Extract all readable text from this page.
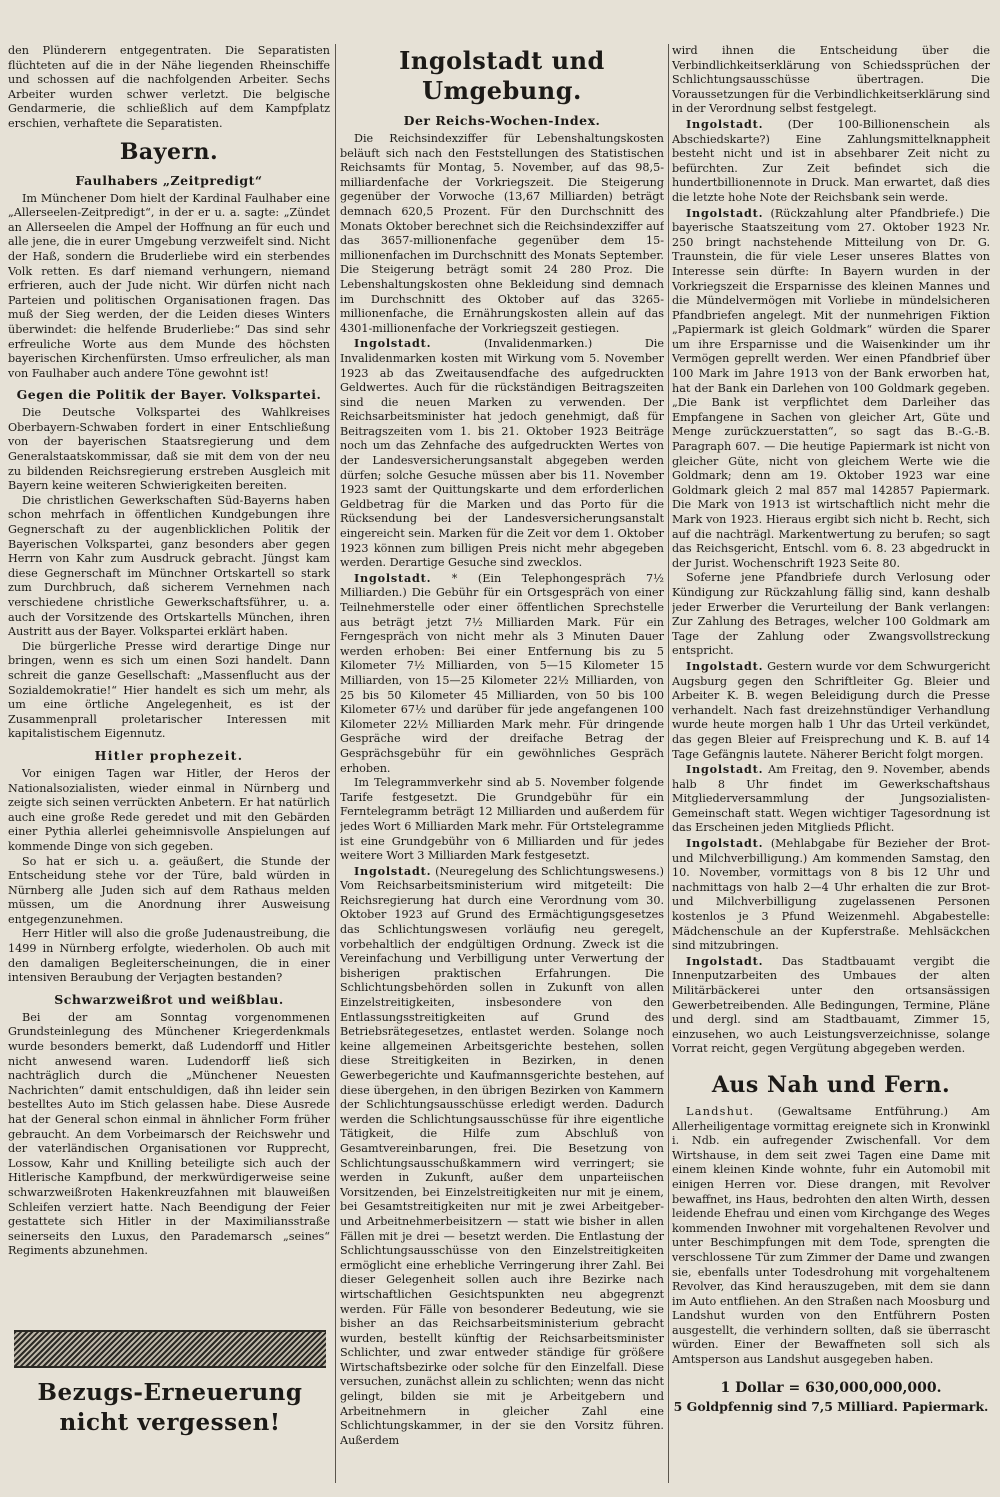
den Plünderern entgegentraten. Die Separatisten flüchteten auf die in der Nähe liegenden Rheinschiffe und schossen auf die nachfolgenden Arbeiter. Sechs Arbeiter wurden schwer verletzt. Die belgische Gendarmerie, die schließlich auf dem Kampfplatz erschien, verhaftete die Separatisten.

Bayern.
Faulhabers „Zeitpredigt“

Im Münchener Dom hielt der Kardinal Faulhaber eine „Allerseelen-Zeitpredigt“, in der er u. a. sagte: „Zündet an Allerseelen die Ampel der Hoffnung an für euch und alle jene, die in eurer Umgebung verzweifelt sind. Nicht der Haß, sondern die Bruderliebe wird ein sterbendes Volk retten. Es darf niemand verhungern, niemand erfrieren, auch der Jude nicht. Wir dürfen nicht nach Parteien und politischen Organisationen fragen. Das muß der Sieg werden, der die Leiden dieses Winters überwindet: die helfende Bruderliebe:“ Das sind sehr erfreuliche Worte aus dem Munde des höchsten bayerischen Kirchenfürsten. Umso erfreulicher, als man von Faulhaber auch andere Töne gewohnt ist!

Gegen die Politik der Bayer. Volkspartei.

Die Deutsche Volkspartei des Wahlkreises Oberbayern-Schwaben fordert in einer Entschließung von der bayerischen Staatsregierung und dem Generalstaatskommissar, daß sie mit dem von der neu zu bildenden Reichsregierung erstreben Ausgleich mit Bayern keine weiteren Schwierigkeiten bereiten.

Die christlichen Gewerkschaften Süd-Bayerns haben schon mehrfach in öffentlichen Kundgebungen ihre Gegnerschaft zu der augenblicklichen Politik der Bayerischen Volkspartei, ganz besonders aber gegen Herrn von Kahr zum Ausdruck gebracht. Jüngst kam diese Gegnerschaft im Münchner Ortskartell so stark zum Durchbruch, daß sicherem Vernehmen nach verschiedene christliche Gewerkschaftsführer, u. a. auch der Vorsitzende des Ortskartells München, ihren Austritt aus der Bayer. Volkspartei erklärt haben.

Die bürgerliche Presse wird derartige Dinge nur bringen, wenn es sich um einen Sozi handelt. Dann schreit die ganze Gesellschaft: „Massenflucht aus der Sozialdemokratie!“ Hier handelt es sich um mehr, als um eine örtliche Angelegenheit, es ist der Zusammenprall proletarischer Interessen mit kapitalistischem Eigennutz.

Hitler prophezeit.

Vor einigen Tagen war Hitler, der Heros der Nationalsozialisten, wieder einmal in Nürnberg und zeigte sich seinen verrückten Anbetern. Er hat natürlich auch eine große Rede geredet und mit den Gebärden einer Pythia allerlei geheimnisvolle Anspielungen auf kommende Dinge von sich gegeben.

So hat er sich u. a. geäußert, die Stunde der Entscheidung stehe vor der Türe, bald würden in Nürnberg alle Juden sich auf dem Rathaus melden müssen, um die Anordnung ihrer Ausweisung entgegenzunehmen.

Herr Hitler will also die große Judenaustreibung, die 1499 in Nürnberg erfolgte, wiederholen. Ob auch mit den damaligen Begleiterscheinungen, die in einer intensiven Beraubung der Verjagten bestanden?

Schwarzweißrot und weißblau.

Bei der am Sonntag vorgenommenen Grundsteinlegung des Münchener Kriegerdenkmals wurde besonders bemerkt, daß Ludendorff und Hitler nicht anwesend waren. Ludendorff ließ sich nachträglich durch die „Münchener Neuesten Nachrichten“ damit entschuldigen, daß ihn leider sein bestelltes Auto im Stich gelassen habe. Diese Ausrede hat der General schon einmal in ähnlicher Form früher gebraucht. An dem Vorbeimarsch der Reichswehr und der vaterländischen Organisationen vor Rupprecht, Lossow, Kahr und Knilling beteiligte sich auch der Hitlerische Kampfbund, der merkwürdigerweise seine schwarzweißroten Hakenkreuzfahnen mit blauweißen Schleifen verziert hatte. Nach Beendigung der Feier gestattete sich Hitler in der Maximiliansstraße seinerseits den Luxus, den Parademarsch „seines“ Regiments abzunehmen.

Bezugs-Erneuerung
nicht vergessen!
Ingolstadt und Umgebung.
Der Reichs-Wochen-Index.

Die Reichsindexziffer für Lebenshaltungskosten beläuft sich nach den Feststellungen des Statistischen Reichsamts für Montag, 5. November, auf das 98,5-milliardenfache der Vorkriegszeit. Die Steigerung gegenüber der Vorwoche (13,67 Milliarden) beträgt demnach 620,5 Prozent. Für den Durchschnitt des Monats Oktober berechnet sich die Reichsindexziffer auf das 3657-millionenfache gegenüber dem 15-millionenfachen im Durchschnitt des Monats September. Die Steigerung beträgt somit 24 280 Proz. Die Lebenshaltungskosten ohne Bekleidung sind demnach im Durchschnitt des Oktober auf das 3265-millionenfache, die Ernährungskosten allein auf das 4301-millionenfache der Vorkriegszeit gestiegen.

Ingolstadt.	(Invalidenmarken.) Die Invalidenmarken kosten mit Wirkung vom 5. November 1923 ab das Zweitausendfache des aufgedruckten Geldwertes. Auch für die rückständigen Beitragszeiten sind die neuen Marken zu verwenden. Der Reichsarbeitsminister hat jedoch genehmigt, daß für Beitragszeiten vom 1. bis 21. Oktober 1923 Beiträge noch um das Zehnfache des aufgedruckten Wertes von der Landesversicherungsanstalt abgegeben werden dürfen; solche Gesuche müssen aber bis 11. November 1923 samt der Quittungskarte und dem erforderlichen Geldbetrag für die Marken und das Porto für die Rücksendung bei der Landesversicherungsanstalt eingereicht sein. Marken für die Zeit vor dem 1. Oktober 1923 können zum billigen Preis nicht mehr abgegeben werden. Derartige Gesuche sind zwecklos.

Ingolstadt. * (Ein Telephongespräch 7½ Milliarden.) Die Gebühr für ein Ortsgespräch von einer Teilnehmerstelle oder einer öffentlichen Sprechstelle aus beträgt jetzt 7½ Milliarden Mark. Für ein Ferngespräch von nicht mehr als 3 Minuten Dauer werden erhoben: Bei einer Entfernung bis zu 5 Kilometer 7½ Milliarden, von 5—15 Kilometer 15 Milliarden, von 15—25 Kilometer 22½ Milliarden, von 25 bis 50 Kilometer 45 Milliarden, von 50 bis 100 Kilometer 67½ und darüber für jede angefangenen 100 Kilometer 22½ Milliarden Mark mehr. Für dringende Gespräche wird der dreifache Betrag der Gesprächsgebühr für ein gewöhnliches Gespräch erhoben.

Im Telegrammverkehr sind ab 5. November folgende Tarife festgesetzt. Die Grundgebühr für ein Ferntelegramm beträgt 12 Milliarden und außerdem für jedes Wort 6 Milliarden Mark mehr. Für Ortstelegramme ist eine Grundgebühr von 6 Milliarden und für jedes weitere Wort 3 Milliarden Mark festgesetzt.

Ingolstadt. (Neuregelung des Schlichtungswesens.) Vom Reichsarbeitsministerium wird mitgeteilt: Die Reichsregierung hat durch eine Verordnung vom 30. Oktober 1923 auf Grund des Ermächtigungsgesetzes das Schlichtungswesen vorläufig neu geregelt, vorbehaltlich der endgültigen Ordnung. Zweck ist die Vereinfachung und Verbilligung unter Verwertung der bisherigen praktischen Erfahrungen. Die Schlichtungsbehörden sollen in Zukunft von allen Einzelstreitigkeiten, insbesondere von den Entlassungsstreitigkeiten auf Grund des Betriebsrätegesetzes, entlastet werden. Solange noch keine allgemeinen Arbeitsgerichte bestehen, sollen diese Streitigkeiten in Bezirken, in denen Gewerbegerichte und Kaufmannsgerichte bestehen, auf diese übergehen, in den übrigen Bezirken von Kammern der Schlichtungsausschüsse erledigt werden. Dadurch werden die Schlichtungsausschüsse für ihre eigentliche Tätigkeit, die Hilfe zum Abschluß von Gesamtvereinbarungen, frei. Die Besetzung von Schlichtungsausschußkammern wird verringert; sie werden in Zukunft, außer dem unparteiischen Vorsitzenden, bei Einzelstreitigkeiten nur mit je einem, bei Gesamtstreitigkeiten nur mit je zwei Arbeitgeber- und Arbeitnehmerbeisitzern — statt wie bisher in allen Fällen mit je drei — besetzt werden. Die Entlastung der Schlichtungsausschüsse von den Einzelstreitigkeiten ermöglicht eine erhebliche Verringerung ihrer Zahl. Bei dieser Gelegenheit sollen auch ihre Bezirke nach wirtschaftlichen Gesichtspunkten neu abgegrenzt werden. Für Fälle von besonderer Bedeutung, wie sie bisher an das Reichsarbeitsministerium gebracht wurden, bestellt künftig der Reichsarbeitsminister Schlichter, und zwar entweder ständige für größere Wirtschaftsbezirke oder solche für den Einzelfall. Diese versuchen, zunächst allein zu schlichten; wenn das nicht gelingt, bilden sie mit je Arbeitgebern und Arbeitnehmern in gleicher Zahl eine Schlichtungskammer, in der sie den Vorsitz führen. Außerdem

wird ihnen die Entscheidung über die Verbindlichkeitserklärung von Schiedssprüchen der Schlichtungsausschüsse übertragen. Die Voraussetzungen für die Verbindlichkeitserklärung sind in der Verordnung selbst festgelegt.

Ingolstadt. (Der 100-Billionenschein als Abschiedskarte?) Eine Zahlungsmittelknappheit besteht nicht und ist in absehbarer Zeit nicht zu befürchten. Zur Zeit befindet sich die hundertbillionennote in Druck. Man erwartet, daß dies die letzte hohe Note der Reichsbank sein werde.

Ingolstadt. (Rückzahlung alter Pfandbriefe.) Die bayerische Staatszeitung vom 27. Oktober 1923 Nr. 250 bringt nachstehende Mitteilung von Dr. G. Traunstein, die für viele Leser unseres Blattes von Interesse sein dürfte: In Bayern wurden in der Vorkriegszeit die Ersparnisse des kleinen Mannes und die Mündelvermögen mit Vorliebe in mündelsicheren Pfandbriefen angelegt. Mit der nunmehrigen Fiktion „Papiermark ist gleich Goldmark“ würden die Sparer um ihre Ersparnisse und die Waisenkinder um ihr Vermögen geprellt werden. Wer einen Pfandbrief über 100 Mark im Jahre 1913 von der Bank erworben hat, hat der Bank ein Darlehen von 100 Goldmark gegeben. „Die Bank ist verpflichtet dem Darleiher das Empfangene in Sachen von gleicher Art, Güte und Menge zurückzuerstatten“, so sagt das B.-G.-B. Paragraph 607. — Die heutige Papiermark ist nicht von gleicher Güte, nicht von gleichem Werte wie die Goldmark; denn am 19. Oktober 1923 war eine Goldmark gleich 2 mal 857 mal 142857 Papiermark. Die Mark von 1913 ist wirtschaftlich nicht mehr die Mark von 1923. Hieraus ergibt sich nicht b. Recht, sich auf die nachträgl. Markentwertung zu berufen; so sagt das Reichsgericht, Entschl. vom 6. 8. 23 abgedruckt in der Jurist. Wochenschrift 1923 Seite 80.

Soferne jene Pfandbriefe durch Verlosung oder Kündigung zur Rückzahlung fällig sind, kann deshalb jeder Erwerber die Verurteilung der Bank verlangen: Zur Zahlung des Betrages, welcher 100 Goldmark am Tage der Zahlung oder Zwangsvollstreckung entspricht.

Ingolstadt. Gestern wurde vor dem Schwurgericht Augsburg gegen den Schriftleiter Gg. Bleier und Arbeiter K. B. wegen Beleidigung durch die Presse verhandelt. Nach fast dreizehnstündiger Verhandlung wurde heute morgen halb 1 Uhr das Urteil verkündet, das gegen Bleier auf Freisprechung und K. B. auf 14 Tage Gefängnis lautete. Näherer Bericht folgt morgen.

Ingolstadt. Am Freitag, den 9. November, abends halb 8 Uhr findet im Gewerkschaftshaus Mitgliederversammlung der Jungsozialisten-Gemeinschaft statt. Wegen wichtiger Tagesordnung ist das Erscheinen jeden Mitglieds Pflicht.

Ingolstadt. (Mehlabgabe für Bezieher der Brot- und Milchverbilligung.) Am kommenden Samstag, den 10. November, vormittags von 8 bis 12 Uhr und nachmittags von halb 2—4 Uhr erhalten die zur Brot- und Milchverbilligung zugelassenen Personen kostenlos je 3 Pfund Weizenmehl. Abgabestelle: Mädchenschule an der Kupferstraße. Mehlsäckchen sind mitzubringen.

Ingolstadt. Das Stadtbauamt vergibt die Innenputzarbeiten des Umbaues der alten Militärbäckerei unter den ortsansässigen Gewerbetreibenden. Alle Bedingungen, Termine, Pläne und dergl. sind am Stadtbauamt, Zimmer 15, einzusehen, wo auch Leistungsverzeichnisse, solange Vorrat reicht, gegen Vergütung abgegeben werden.

Aus Nah und Fern.

Landshut. (Gewaltsame Entführung.) Am Allerheiligentage vormittag ereignete sich in Kronwinkl i. Ndb. ein aufregender Zwischenfall. Vor dem Wirtshause, in dem seit zwei Tagen eine Dame mit einem kleinen Kinde wohnte, fuhr ein Automobil mit einigen Herren vor. Diese drangen, mit Revolver bewaffnet, ins Haus, bedrohten den alten Wirth, dessen leidende Ehefrau und einen vom Kirchgange des Weges kommenden Inwohner mit vorgehaltenen Revolver und unter Beschimpfungen mit dem Tode, sprengten die verschlossene Tür zum Zimmer der Dame und zwangen sie, ebenfalls unter Todesdrohung mit vorgehaltenem Revolver, das Kind herauszugeben, mit dem sie dann im Auto entfliehen. An den Straßen nach Moosburg und Landshut wurden von den Entführern Posten ausgestellt, die verhindern sollten, daß sie überrascht würden. Einer der Bewaffneten soll sich als Amtsperson aus Landshut ausgegeben haben.

1 Dollar = 630,000,000,000.
5 Goldpfennig sind 7,5 Milliard. Papiermark.
